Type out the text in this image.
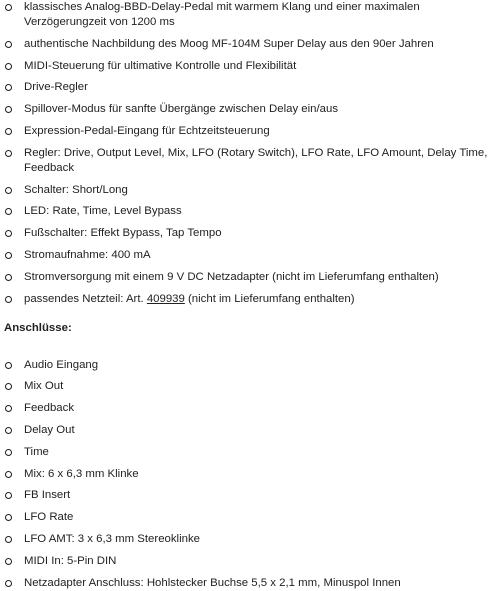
klassisches Analog-BBD-Delay-Pedal mit warmem Klang und einer maximalen Verzögerungzeit von 1200 ms
authentische Nachbildung des Moog MF-104M Super Delay aus den 90er Jahren
MIDI-Steuerung für ultimative Kontrolle und Flexibilität
Drive-Regler
Spillover-Modus für sanfte Übergänge zwischen Delay ein/aus
Expression-Pedal-Eingang für Echtzeitsteuerung
Regler: Drive, Output Level, Mix, LFO (Rotary Switch), LFO Rate, LFO Amount, Delay Time, Feedback
Schalter: Short/Long
LED: Rate, Time, Level Bypass
Fußschalter: Effekt Bypass, Tap Tempo
Stromaufnahme: 400 mA
Stromversorgung mit einem 9 V DC Netzadapter (nicht im Lieferumfang enthalten)
passendes Netzteil: Art. 409939 (nicht im Lieferumfang enthalten)
Anschlüsse:
Audio Eingang
Mix Out
Feedback
Delay Out
Time
Mix: 6 x 6,3 mm Klinke
FB Insert
LFO Rate
LFO AMT: 3 x 6,3 mm Stereoklinke
MIDI In: 5-Pin DIN
Netzadapter Anschluss: Hohlstecker Buchse 5,5 x 2,1 mm, Minuspol Innen
